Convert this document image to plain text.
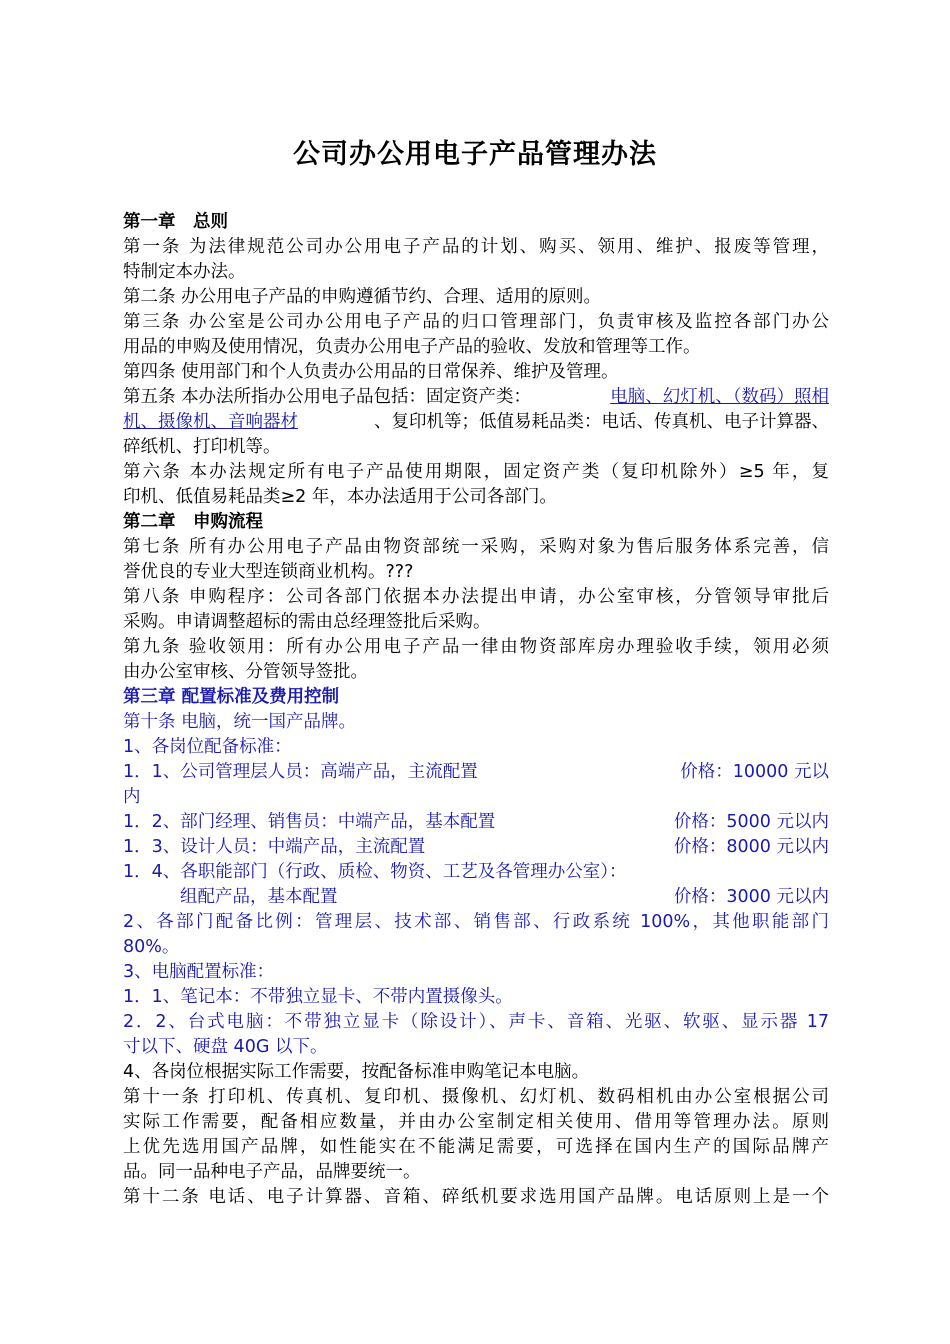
公司办公用电子产品管理办法
第一章　总则
第一条 为法律规范公司办公用电子产品的计划、购买、领用、维护、报废等管理，
特制定本办法。
第二条 办公用电子产品的申购遵循节约、合理、适用的原则。
第三条 办公室是公司办公用电子产品的归口管理部门，负责审核及监控各部门办公
用品的申购及使用情况，负责办公用电子产品的验收、发放和管理等工作。
第四条 使用部门和个人负责办公用品的日常保养、维护及管理。
第五条 本办法所指办公用电子品包括：固定资产类：	电脑、幻灯机、（数码）照相
机、摄像机、音响器材	、复印机等；低值易耗品类：电话、传真机、电子计算器、
碎纸机、打印机等。
第六条 本办法规定所有电子产品使用期限，固定资产类（复印机除外）≥5 年，复
印机、低值易耗品类≥2 年，本办法适用于公司各部门。
第二章　申购流程
第七条 所有办公用电子产品由物资部统一采购，采购对象为售后服务体系完善，信
誉优良的专业大型连锁商业机构。???
第八条 申购程序：公司各部门依据本办法提出申请，办公室审核，分管领导审批后
采购。申请调整超标的需由总经理签批后采购。
第九条 验收领用：所有办公用电子产品一律由物资部库房办理验收手续，领用必须
由办公室审核、分管领导签批。
第三章 配置标准及费用控制
第十条 电脑，统一国产品牌。
1、各岗位配备标准：
1．1、公司管理层人员：高端产品，主流配置	价格：10000 元以
内
1．2、部门经理、销售员：中端产品，基本配置	价格：5000 元以内
1．3、设计人员：中端产品，主流配置	价格：8000 元以内
1．4、各职能部门（行政、质检、物资、工艺及各管理办公室）：
组配产品，基本配置	价格：3000 元以内
2、各部门配备比例：管理层、技术部、销售部、行政系统 100%，其他职能部门
80%。
3、电脑配置标准：
1．1、笔记本：不带独立显卡、不带内置摄像头。
2．2、台式电脑：不带独立显卡（除设计）、声卡、音箱、光驱、软驱、显示器 17
寸以下、硬盘 40G 以下。
4、各岗位根据实际工作需要，按配备标准申购笔记本电脑。
第十一条 打印机、传真机、复印机、摄像机、幻灯机、数码相机由办公室根据公司
实际工作需要，配备相应数量，并由办公室制定相关使用、借用等管理办法。原则
上优先选用国产品牌，如性能实在不能满足需要，可选择在国内生产的国际品牌产
品。同一品种电子产品，品牌要统一。
第十二条 电话、电子计算器、音箱、碎纸机要求选用国产品牌。电话原则上是一个
